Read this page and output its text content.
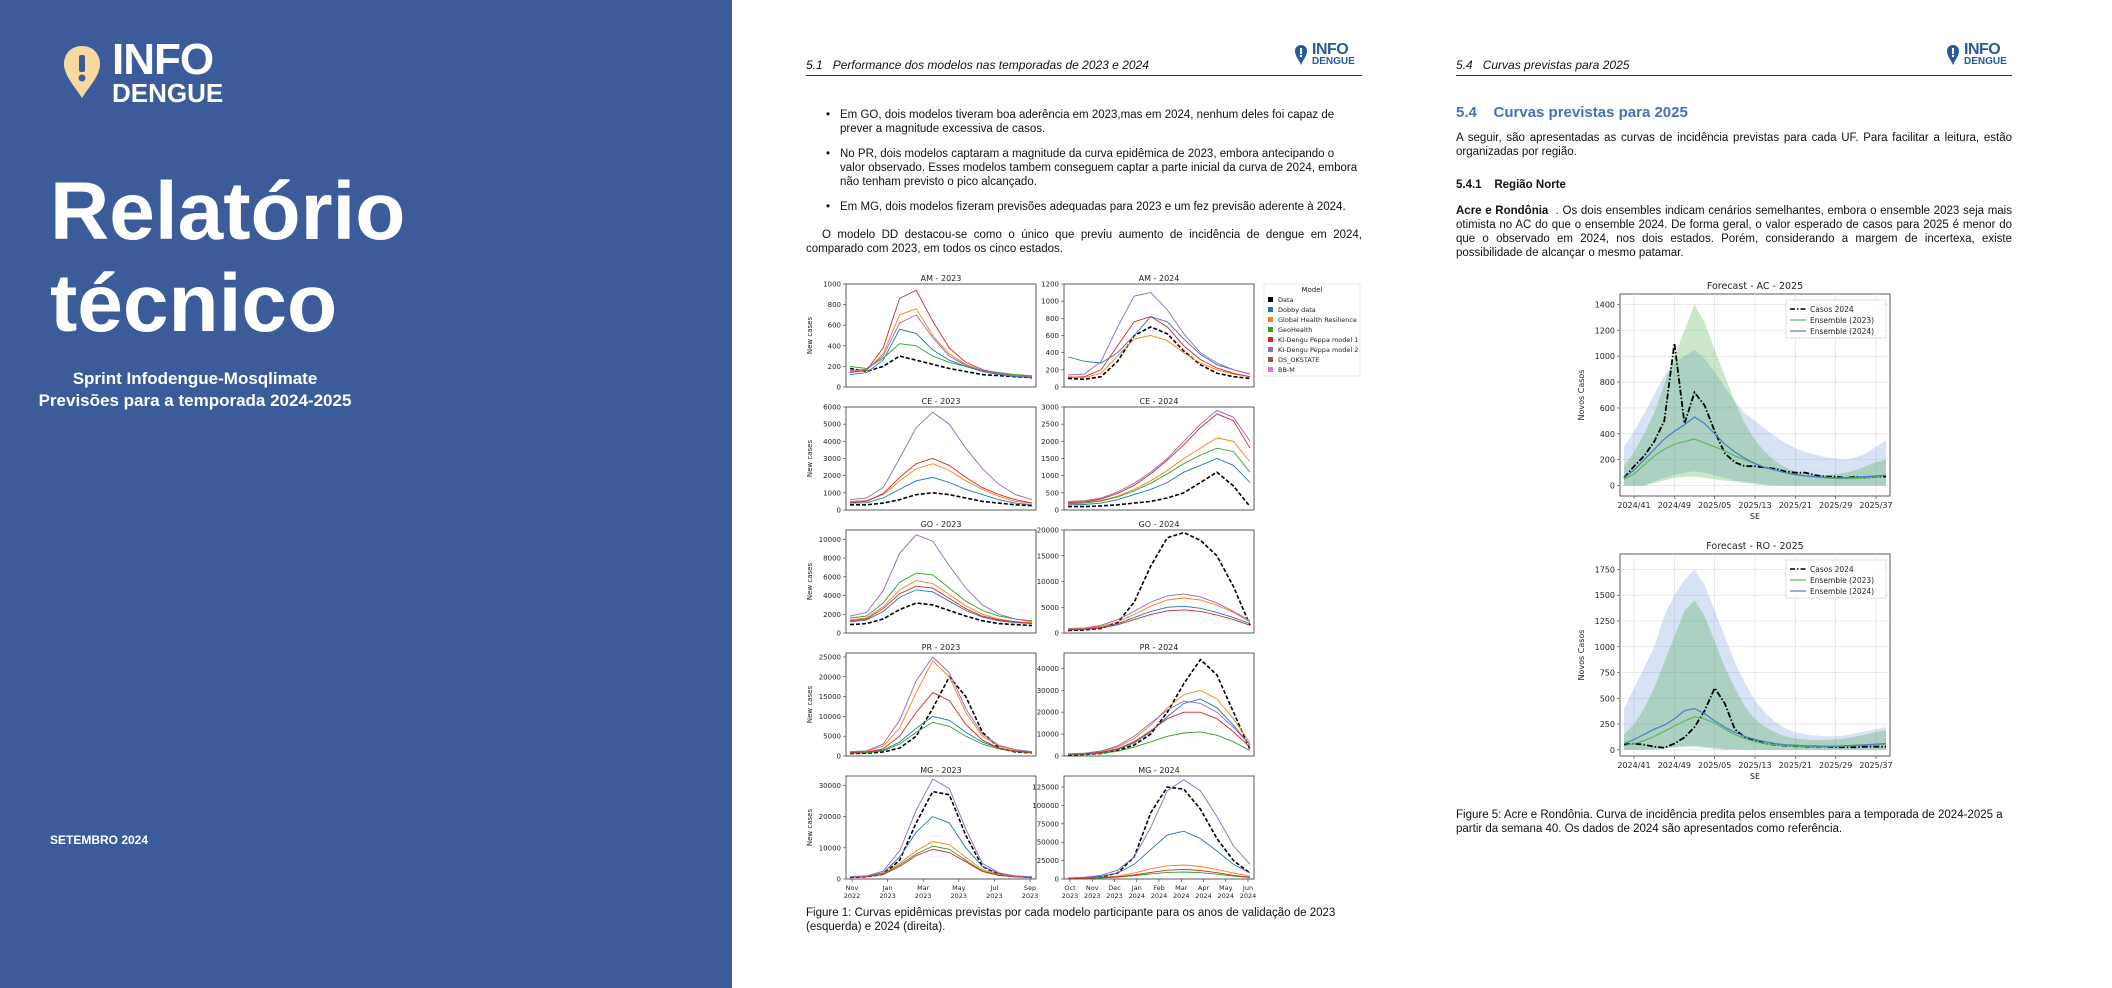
INFO
DENGUE
Relatório
técnico
Sprint Infodengue-Mosqlimate
Previsões para a temporada 2024-2025
SETEMBRO 2024
5.1 Performance dos modelos nas temporadas de 2023 e 2024
INFO
DENGUE
• Em GO, dois modelos tiveram boa aderência em 2023,mas em 2024, nenhum deles foi capaz de prever a magnitude excessiva de casos.
• No PR, dois modelos captaram a magnitude da curva epidêmica de 2023, embora antecipando o valor observado. Esses modelos tambem conseguem captar a parte inicial da curva de 2024, embora não tenham previsto o pico alcançado.
• Em MG, dois modelos fizeram previsões adequadas para 2023 e um fez previsão aderente à 2024.
O modelo DD destacou-se como o único que previu aumento de incidência de dengue em 2024, comparado com 2023, em todos os cinco estados.
AM - 2023
0
200
400
600
800
1000
New cases
AM - 2024
0
200
400
600
800
1000
1200
CE - 2023
0
1000
2000
3000
4000
5000
6000
New cases
CE - 2024
0
500
1000
1500
2000
2500
3000
GO - 2023
0
2000
4000
6000
8000
10000
New cases
GO - 2024
0
5000
10000
15000
20000
PR - 2023
0
5000
10000
15000
20000
25000
New cases
PR - 2024
0
10000
20000
30000
40000
MG - 2023
0
10000
20000
30000
New cases
Nov
2022
Jan
2023
Mar
2023
May
2023
Jul
2023
Sep
2023
MG - 2024
0
25000
50000
75000
100000
125000
Oct
2023
Nov
2023
Dec
2023
Jan
2024
Feb
2024
Mar
2024
Apr
2024
May
2024
Jun
2024
Model
Data
Dobby data
Global Health Resilience
GeoHealth
KI-Dengu Peppa model 1
KI-Dengu Peppa model 2
DS_OKSTATE
BB-M
Figure 1: Curvas epidêmicas previstas por cada modelo participante para os anos de validação de 2023 (esquerda) e 2024 (direita).
5.4 Curvas previstas para 2025
INFO
DENGUE
5.4 Curvas previstas para 2025
A seguir, são apresentadas as curvas de incidência previstas para cada UF. Para facilitar a leitura, estão organizadas por região.
5.4.1 Região Norte
Acre e Rondônia . Os dois ensembles indicam cenários semelhantes, embora o ensemble 2023 seja mais otimista no AC do que o ensemble 2024. De forma geral, o valor esperado de casos para 2025 é menor do que o observado em 2024, nos dois estados. Porém, considerando a margem de incertexa, existe possibilidade de alcançar o mesmo patamar.
Forecast - AC - 2025
0
200
400
600
800
1000
1200
1400
2024/41 2024/49 2025/05 2025/13 2025/21 2025/29 2025/37
SE
Novos Casos
Casos 2024
Ensemble (2023)
Ensemble (2024)
Forecast - RO - 2025
0
250
500
750
1000
1250
1500
1750
2024/41 2024/49 2025/05 2025/13 2025/21 2025/29 2025/37
SE
Novos Casos
Casos 2024
Ensemble (2023)
Ensemble (2024)
Figure 5: Acre e Rondônia. Curva de incidência predita pelos ensembles para a temporada de 2024-2025 a partir da semana 40. Os dados de 2024 são apresentados como referência.
